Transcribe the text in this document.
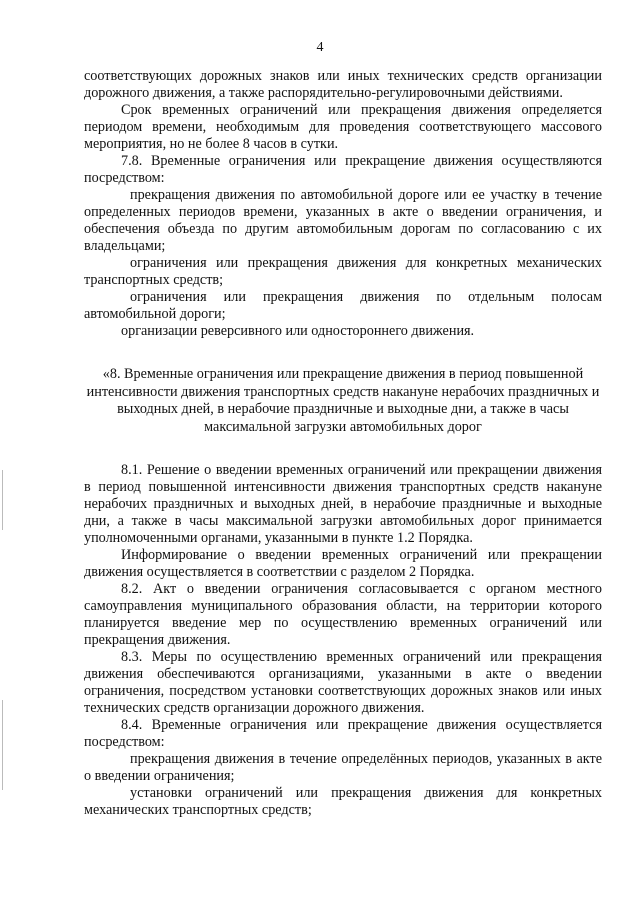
4

соответствующих дорожных знаков или иных технических средств организации дорожного движения, а также распорядительно-регулировочными действиями.

Срок временных ограничений или прекращения движения определяется периодом времени, необходимым для проведения соответствующего массового мероприятия, но не более 8 часов в сутки.

7.8. Временные ограничения или прекращение движения осуществляются посредством:

прекращения движения по автомобильной дороге или ее участку в течение определенных периодов времени, указанных в акте о введении ограничения, и обеспечения объезда по другим автомобильным дорогам по согласованию с их владельцами;

ограничения или прекращения движения для конкретных механических транспортных средств;

ограничения или прекращения движения по отдельным полосам автомобильной дороги;

организации реверсивного или одностороннего движения.

«8. Временные ограничения или прекращение движения в период повышенной интенсивности движения транспортных средств накануне нерабочих праздничных и выходных дней, в нерабочие праздничные и выходные дни, а также в часы максимальной загрузки автомобильных дорог

8.1. Решение о введении временных ограничений или прекращении движения в период повышенной интенсивности движения транспортных средств накануне нерабочих праздничных и выходных дней, в нерабочие праздничные и выходные дни, а также в часы максимальной загрузки автомобильных дорог принимается уполномоченными органами, указанными в пункте 1.2 Порядка.

Информирование о введении временных ограничений или прекращении движения осуществляется в соответствии с разделом 2 Порядка.

8.2. Акт о введении ограничения согласовывается с органом местного самоуправления муниципального образования области, на территории которого планируется введение мер по осуществлению временных ограничений или прекращения движения.

8.3. Меры по осуществлению временных ограничений или прекращения движения обеспечиваются организациями, указанными в акте о введении ограничения, посредством установки соответствующих дорожных знаков или иных технических средств организации дорожного движения.

8.4. Временные ограничения или прекращение движения осуществляется посредством:

прекращения движения в течение определённых периодов, указанных в акте о введении ограничения;

установки ограничений или прекращения движения для конкретных механических транспортных средств;
